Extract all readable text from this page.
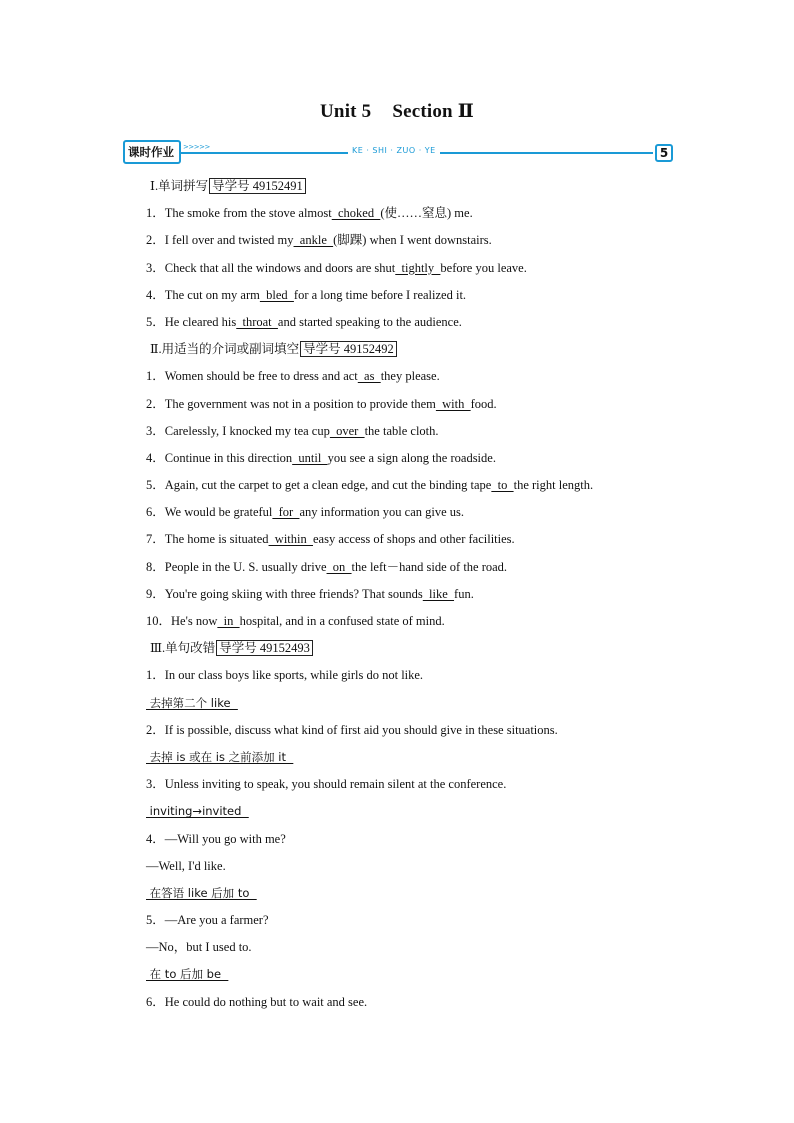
Unit 5 Section Ⅱ
课时作业	>>>>>	KE · SHI · ZUO · YE	5
Ⅰ.单词拼写 导学号 49152491
1．The smoke from the stove almost  choked  (使……窒息) me.
2．I fell over and twisted my  ankle  (脚踝) when I went downstairs.
3．Check that all the windows and doors are shut  tightly  before you leave.
4．The cut on my arm  bled  for a long time before I realized it.
5．He cleared his  throat  and started speaking to the audience.
Ⅱ.用适当的介词或副词填空 导学号 49152492
1．Women should be free to dress and act  as  they please.
2．The government was not in a position to provide them  with  food.
3．Carelessly, I knocked my tea cup  over  the table cloth.
4．Continue in this direction  until  you see a sign along the roadside.
5．Again, cut the carpet to get a clean edge, and cut the binding tape  to  the right length.
6．We would be grateful  for  any information you can give us.
7．The home is situated  within  easy access of shops and other facilities.
8．People in the U. S. usually drive  on  the left－hand side of the road.
9．You're going skiing with three friends? That sounds  like  fun.
10．He's now  in  hospital, and in a confused state of mind.
Ⅲ.单句改错 导学号 49152493
1．In our class boys like sports, while girls do not like.
去掉第二个 like
2．If is possible, discuss what kind of first aid you should give in these situations.
去掉 is 或在 is 之前添加 it
3．Unless inviting to speak, you should remain silent at the conference.
inviting→invited
4．—Will you go with me?
—Well, I'd like.
在答语 like 后加 to
5．—Are you a farmer?
—No，but I used to.
在 to 后加 be
6．He could do nothing but to wait and see.
